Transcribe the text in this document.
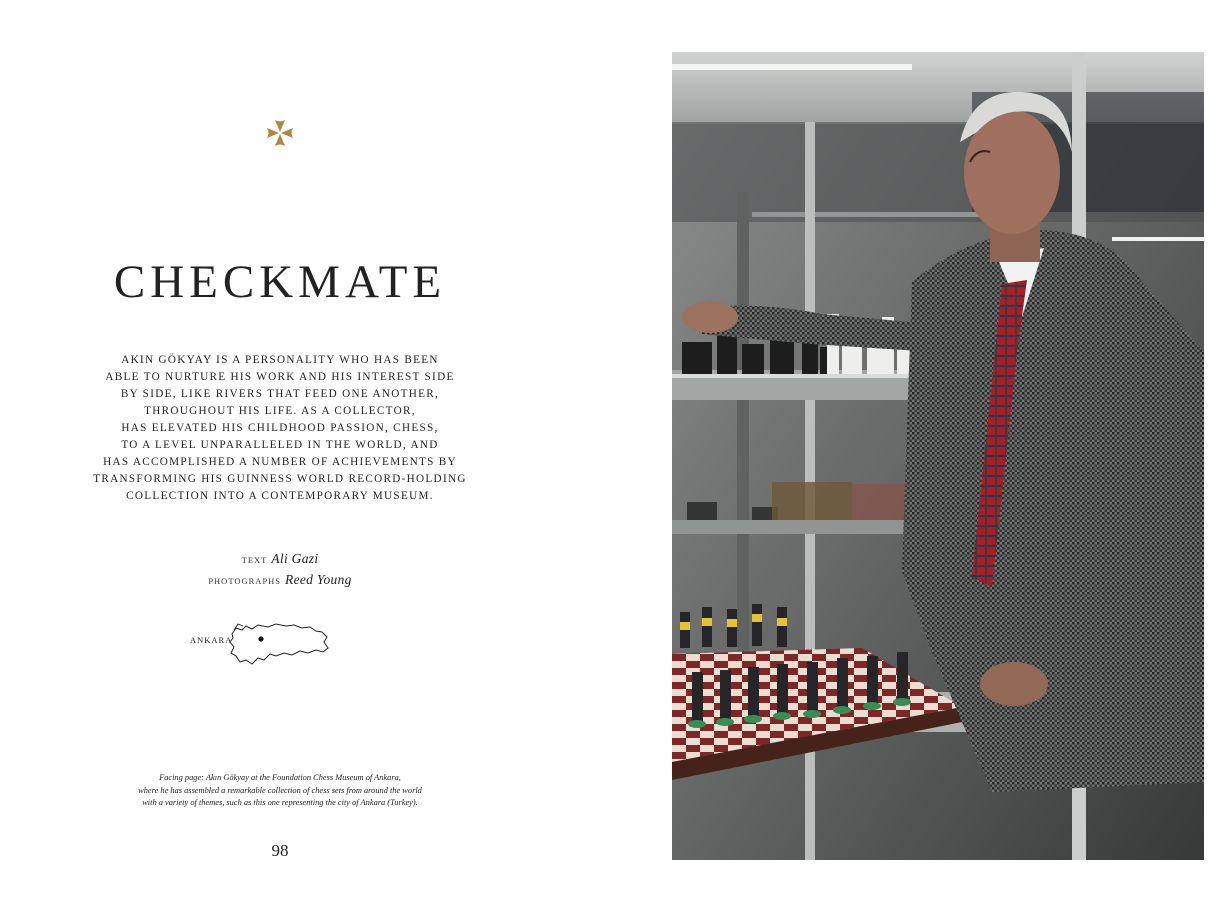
CHECKMATE
AKIN GÖKYAY IS A PERSONALITY WHO HAS BEEN
ABLE TO NURTURE HIS WORK AND HIS INTEREST SIDE
BY SIDE, LIKE RIVERS THAT FEED ONE ANOTHER,
THROUGHOUT HIS LIFE. AS A COLLECTOR,
HAS ELEVATED HIS CHILDHOOD PASSION, CHESS,
TO A LEVEL UNPARALLELED IN THE WORLD, AND
HAS ACCOMPLISHED A NUMBER OF ACHIEVEMENTS BY
TRANSFORMING HIS GUINNESS WORLD RECORD-HOLDING
COLLECTION INTO A CONTEMPORARY MUSEUM.
TEXT Ali Gazi
PHOTOGRAPHS Reed Young
ANKARA
Facing page: Akın Gökyay at the Foundation Chess Museum of Ankara,
where he has assembled a remarkable collection of chess sets from around the world
with a variety of themes, such as this one representing the city of Ankara (Turkey).
98
